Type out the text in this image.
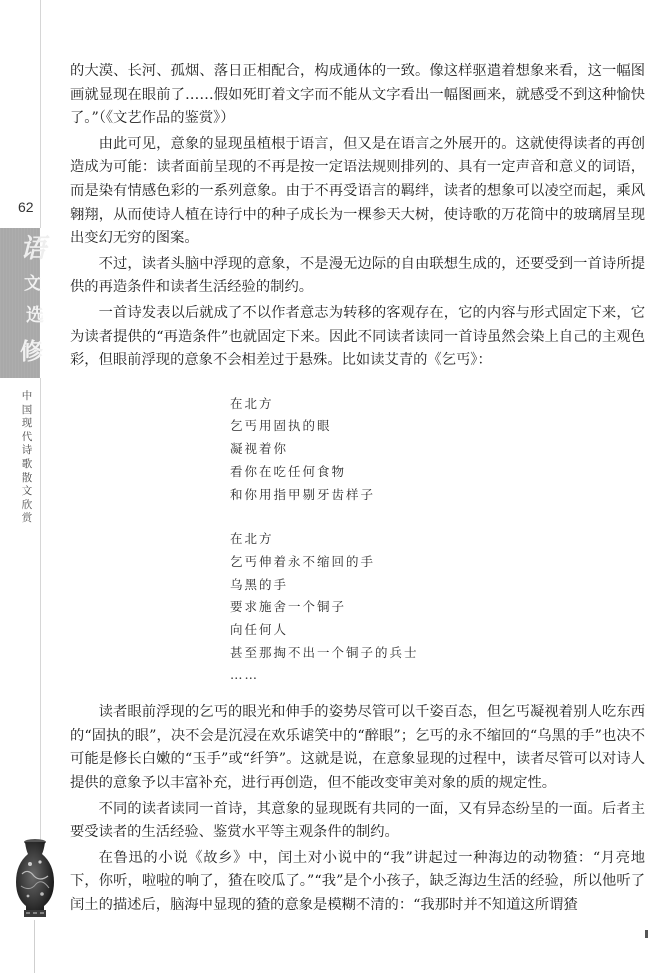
62
语
文
选
修
中国现代诗歌散文欣赏

的大漠、长河、孤烟、落日正相配合，构成通体的一致。像这样驱遣着想象来看，这一幅图画就显现在眼前了……假如死盯着文字而不能从文字看出一幅图画来，就感受不到这种愉快了。”（《文艺作品的鉴赏》）

由此可见，意象的显现虽植根于语言，但又是在语言之外展开的。这就使得读者的再创造成为可能：读者面前呈现的不再是按一定语法规则排列的、具有一定声音和意义的词语，而是染有情感色彩的一系列意象。由于不再受语言的羁绊，读者的想象可以凌空而起，乘风翱翔，从而使诗人植在诗行中的种子成长为一棵参天大树，使诗歌的万花筒中的玻璃屑呈现出变幻无穷的图案。

不过，读者头脑中浮现的意象，不是漫无边际的自由联想生成的，还要受到一首诗所提供的再造条件和读者生活经验的制约。

一首诗发表以后就成了不以作者意志为转移的客观存在，它的内容与形式固定下来，它为读者提供的“再造条件”也就固定下来。因此不同读者读同一首诗虽然会染上自己的主观色彩，但眼前浮现的意象不会相差过于悬殊。比如读艾青的《乞丐》：

在北方
乞丐用固执的眼
凝视着你
看你在吃任何食物
和你用指甲剔牙齿样子
在北方
乞丐伸着永不缩回的手
乌黑的手
要求施舍一个铜子
向任何人
甚至那掏不出一个铜子的兵士
……

读者眼前浮现的乞丐的眼光和伸手的姿势尽管可以千姿百态，但乞丐凝视着别人吃东西的“固执的眼”，决不会是沉浸在欢乐谑笑中的“醉眼”；乞丐的永不缩回的“乌黑的手”也决不可能是修长白嫩的“玉手”或“纤笋”。这就是说，在意象显现的过程中，读者尽管可以对诗人提供的意象予以丰富补充，进行再创造，但不能改变审美对象的质的规定性。

不同的读者读同一首诗，其意象的显现既有共同的一面，又有异态纷呈的一面。后者主要受读者的生活经验、鉴赏水平等主观条件的制约。

在鲁迅的小说《故乡》中，闰土对小说中的“我”讲起过一种海边的动物猹：“月亮地下，你听，啦啦的响了，猹在咬瓜了。”“我”是个小孩子，缺乏海边生活的经验，所以他听了闰土的描述后，脑海中显现的猹的意象是模糊不清的：“我那时并不知道这所谓猹
